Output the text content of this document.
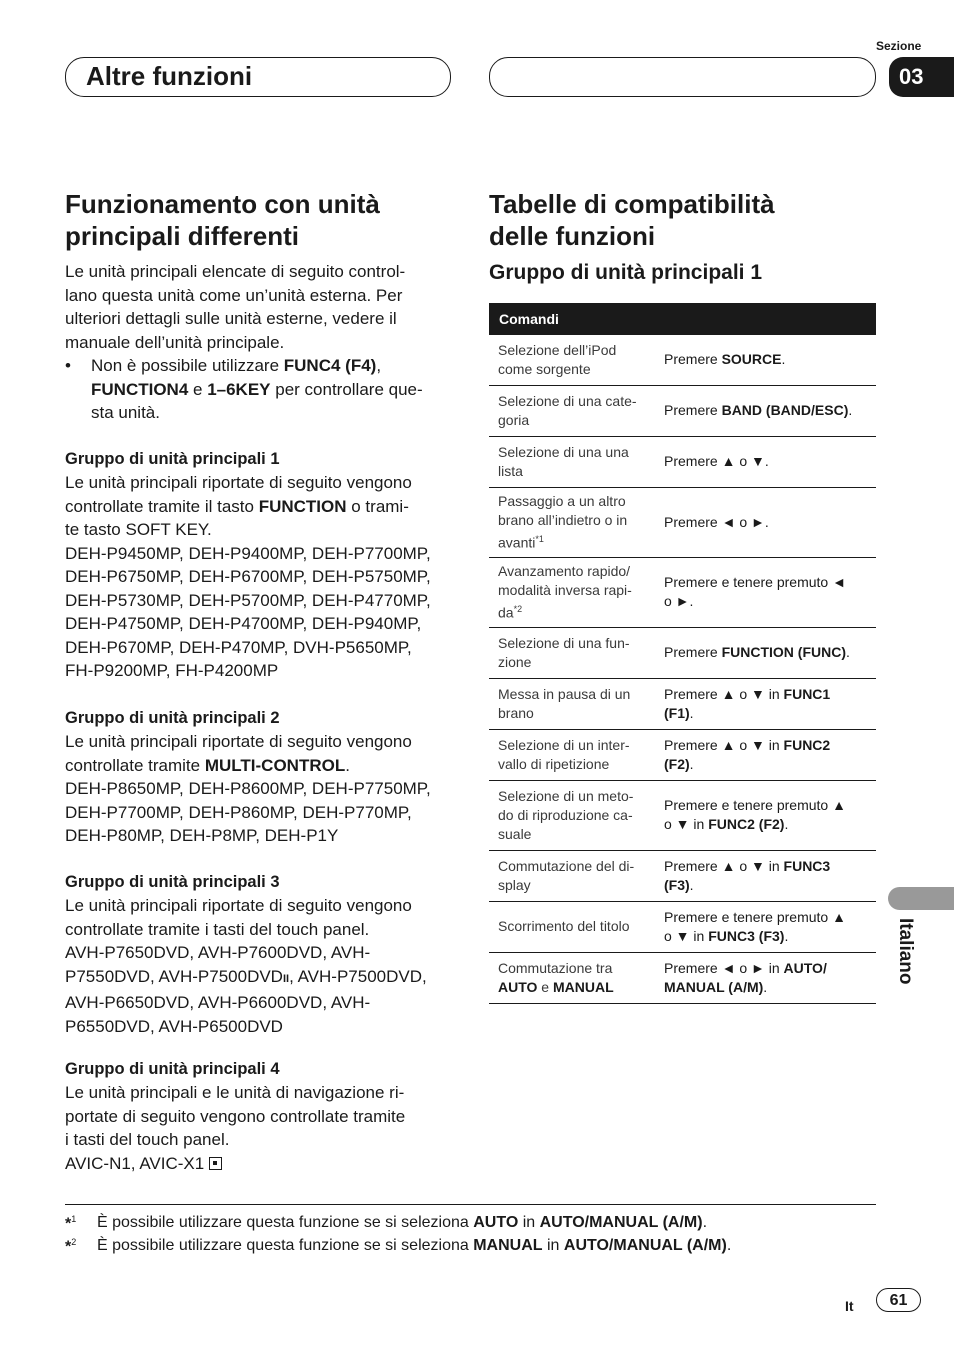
Sezione
Altre funzioni	03
Funzionamento con unità
principali differenti
Le unità principali elencate di seguito control-
lano questa unità come un’unità esterna. Per
ulteriori dettagli sulle unità esterne, vedere il
manuale dell’unità principale.
•	Non è possibile utilizzare FUNC4 (F4),
FUNCTION4 e 1–6KEY per controllare que-
sta unità.
Gruppo di unità principali 1
Le unità principali riportate di seguito vengono
controllate tramite il tasto FUNCTION o trami-
te tasto SOFT KEY.
DEH-P9450MP, DEH-P9400MP, DEH-P7700MP,
DEH-P6750MP, DEH-P6700MP, DEH-P5750MP,
DEH-P5730MP, DEH-P5700MP, DEH-P4770MP,
DEH-P4750MP, DEH-P4700MP, DEH-P940MP,
DEH-P670MP, DEH-P470MP, DVH-P5650MP,
FH-P9200MP, FH-P4200MP
Gruppo di unità principali 2
Le unità principali riportate di seguito vengono
controllate tramite MULTI-CONTROL.
DEH-P8650MP, DEH-P8600MP, DEH-P7750MP,
DEH-P7700MP, DEH-P860MP, DEH-P770MP,
DEH-P80MP, DEH-P8MP, DEH-P1Y
Gruppo di unità principali 3
Le unità principali riportate di seguito vengono
controllate tramite i tasti del touch panel.
AVH-P7650DVD, AVH-P7600DVD, AVH-
P7550DVD, AVH-P7500DVDII, AVH-P7500DVD,
AVH-P6650DVD, AVH-P6600DVD, AVH-
P6550DVD, AVH-P6500DVD
Gruppo di unità principali 4
Le unità principali e le unità di navigazione ri-
portate di seguito vengono controllate tramite
i tasti del touch panel.
AVIC-N1, AVIC-X1
Tabelle di compatibilità
delle funzioni
Gruppo di unità principali 1
Comandi	
Selezione dell’iPod
come sorgente	Premere SOURCE.
Selezione di una cate-
goria	Premere BAND (BAND/ESC).
Selezione di una una
lista	Premere ▲ o ▼.
Passaggio a un altro
brano all’indietro o in
avanti$^{*1}$	Premere ◄ o ►.
Avanzamento rapido/
modalità inversa rapi-
$da^{*2}$	Premere e tenere premuto ◄
o ►.
Selezione di una fun-
zione	Premere FUNCTION (FUNC).
Messa in pausa di un
brano	Premere ▲ o ▼ in FUNC1
(F1).
Selezione di un inter-
vallo di ripetizione	Premere ▲ o ▼ in FUNC2
(F2).
Selezione di un meto-
do di riproduzione ca-
suale	Premere e tenere premuto ▲
o ▼ in FUNC2 (F2).
Commutazione del di-
splay	Premere ▲ o ▼ in FUNC3
(F3).
Scorrimento del titolo	Premere e tenere premuto ▲
o ▼ in FUNC3 (F3).
Commutazione tra
AUTO e MANUAL	Premere ◄ o ► in AUTO/
MANUAL (A/M).
Italiano
*$^1$	È possibile utilizzare questa funzione se si seleziona AUTO in AUTO/MANUAL (A/M).
*$^2$	È possibile utilizzare questa funzione se si seleziona MANUAL in AUTO/MANUAL (A/M).
It	61
